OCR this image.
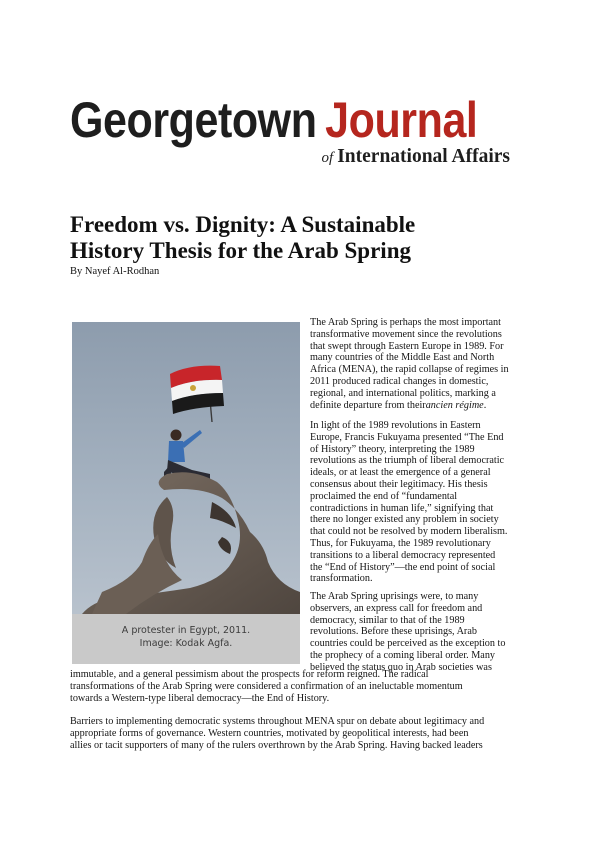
Georgetown Journal
of International Affairs
Freedom vs. Dignity: A Sustainable
History Thesis for the Arab Spring
By Nayef Al-Rodhan
A protester in Egypt, 2011.
Image: Kodak Agfa.
The Arab Spring is perhaps the most important
transformative movement since the revolutions
that swept through Eastern Europe in 1989. For
many countries of the Middle East and North
Africa (MENA), the rapid collapse of regimes in
2011 produced radical changes in domestic,
regional, and international politics, marking a
definite departure from theirancien régime.
In light of the 1989 revolutions in Eastern
Europe, Francis Fukuyama presented “The End
of History” theory, interpreting the 1989
revolutions as the triumph of liberal democratic
ideals, or at least the emergence of a general
consensus about their legitimacy. His thesis
proclaimed the end of “fundamental
contradictions in human life,” signifying that
there no longer existed any problem in society
that could not be resolved by modern liberalism.
Thus, for Fukuyama, the 1989 revolutionary
transitions to a liberal democracy represented
the “End of History”—the end point of social
transformation.
The Arab Spring uprisings were, to many
observers, an express call for freedom and
democracy, similar to that of the 1989
revolutions. Before these uprisings, Arab
countries could be perceived as the exception to
the prophecy of a coming liberal order. Many
believed the status quo in Arab societies was
immutable, and a general pessimism about the prospects for reform reigned. The radical
transformations of the Arab Spring were considered a confirmation of an ineluctable momentum
towards a Western-type liberal democracy—the End of History.
Barriers to implementing democratic systems throughout MENA spur on debate about legitimacy and
appropriate forms of governance. Western countries, motivated by geopolitical interests, had been
allies or tacit supporters of many of the rulers overthrown by the Arab Spring. Having backed leaders
